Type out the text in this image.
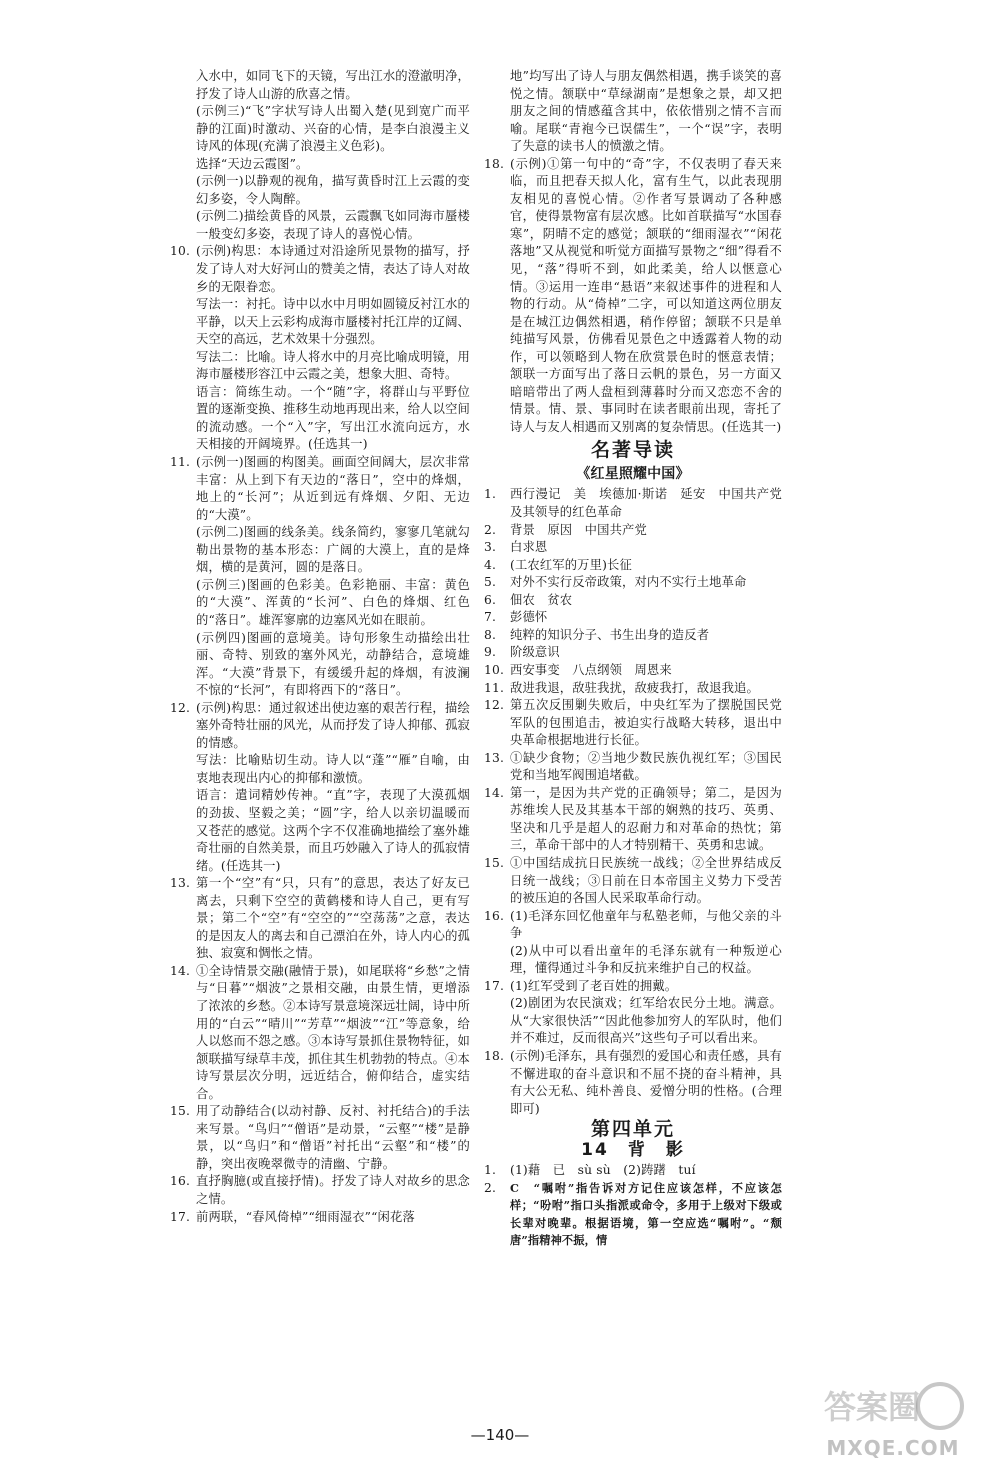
入水中，如同飞下的天镜，写出江水的澄澈明净，抒发了诗人山游的欣喜之情。

(示例三)“飞”字状写诗人出蜀入楚(见到宽广而平静的江面)时激动、兴奋的心情，是李白浪漫主义诗风的体现(充满了浪漫主义色彩)。

选择“天边云霞图”。

(示例一)以静观的视角，描写黄昏时江上云霞的变幻多姿，令人陶醉。

(示例二)描绘黄昏的风景，云霞飘飞如同海市蜃楼一般变幻多姿，表现了诗人的喜悦心情。

10. (示例)构思：本诗通过对沿途所见景物的描写，抒发了诗人对大好河山的赞美之情，表达了诗人对故乡的无限眷恋。

写法一：衬托。诗中以水中月明如圆镜反衬江水的平静，以天上云彩构成海市蜃楼衬托江岸的辽阔、天空的高远，艺术效果十分强烈。

写法二：比喻。诗人将水中的月亮比喻成明镜，用海市蜃楼形容江中云霞之美，想象大胆、奇特。

语言：简练生动。一个“随”字，将群山与平野位置的逐渐变换、推移生动地再现出来，给人以空间的流动感。一个“入”字，写出江水流向远方，水天相接的开阔境界。(任选其一)

11. (示例一)图画的构图美。画面空间阔大，层次非常丰富：从上到下有天边的“落日”，空中的烽烟，地上的“长河”；从近到远有烽烟、夕阳、无边的“大漠”。

(示例二)图画的线条美。线条简约，寥寥几笔就勾勒出景物的基本形态：广阔的大漠上，直的是烽烟，横的是黄河，圆的是落日。

(示例三)图画的色彩美。色彩艳丽、丰富：黄色的“大漠”、浑黄的“长河”、白色的烽烟、红色的“落日”。雄浑寥廓的边塞风光如在眼前。

(示例四)图画的意境美。诗句形象生动描绘出壮丽、奇特、别致的塞外风光，动静结合，意境雄浑。“大漠”背景下，有缓缓升起的烽烟，有波澜不惊的“长河”，有即将西下的“落日”。

12. (示例)构思：通过叙述出使边塞的艰苦行程，描绘塞外奇特壮丽的风光，从而抒发了诗人抑郁、孤寂的情感。

写法：比喻贴切生动。诗人以“蓬”“雁”自喻，由衷地表现出内心的抑郁和激愤。

语言：遣词精妙传神。“直”字，表现了大漠孤烟的劲拔、坚毅之美；“圆”字，给人以亲切温暖而又苍茫的感觉。这两个字不仅准确地描绘了塞外雄奇壮丽的自然美景，而且巧妙融入了诗人的孤寂情绪。(任选其一)

13. 第一个“空”有“只，只有”的意思，表达了好友已离去，只剩下空空的黄鹤楼和诗人自己，更有写景；第二个“空”有“空空的”“空荡荡”之意，表达的是因友人的离去和自己漂泊在外，诗人内心的孤独、寂寞和惆怅之情。

14. ①全诗情景交融(融情于景)，如尾联将“乡愁”之情与“日暮”“烟波”之景相交融，由景生情，更增添了浓浓的乡愁。②本诗写景意境深远壮阔，诗中所用的“白云”“晴川”“芳草”“烟波”“江”等意象，给人以悠而不怨之感。③本诗写景抓住景物特征，如颔联描写绿草丰茂，抓住其生机勃勃的特点。④本诗写景层次分明，远近结合，俯仰结合，虚实结合。

15. 用了动静结合(以动衬静、反衬、衬托结合)的手法来写景。“鸟归”“僧语”是动景，“云壑”“楼”是静景，以“鸟归”和“僧语”衬托出“云壑”和“楼”的静，突出夜晚翠微寺的清幽、宁静。

16. 直抒胸臆(或直接抒情)。抒发了诗人对故乡的思念之情。

17. 前两联，“春风倚棹”“细雨湿衣”“闲花落

地”均写出了诗人与朋友偶然相遇，携手谈笑的喜悦之情。颔联中“草绿湖南”是想象之景，却又把朋友之间的情感蕴含其中，依依惜别之情不言而喻。尾联“青袍今已误儒生”，一个“误”字，表明了失意的读书人的愤激之情。

18. (示例)①第一句中的“奇”字，不仅表明了春天来临，而且把春天拟人化，富有生气，以此表现朋友相见的喜悦心情。②作者写景调动了各种感官，使得景物富有层次感。比如首联描写“水国春寒”，阴晴不定的感觉；颔联的“细雨湿衣”“闲花落地”又从视觉和听觉方面描写景物之“细”得看不见，“落”得听不到，如此柔美，给人以惬意心情。③运用一连串“悬语”来叙述事件的进程和人物的行动。从“倚棹”二字，可以知道这两位朋友是在城江边偶然相遇，稍作停留；颔联不只是单纯描写风景，仿佛看见景色之中透露着人物的动作，可以领略到人物在欣赏景色时的惬意表情；颔联一方面写出了落日云帆的景色，另一方面又暗暗带出了两人盘桓到薄暮时分而又恋恋不舍的情景。情、景、事同时在读者眼前出现，寄托了诗人与友人相遇而又别离的复杂情思。(任选其一)

名著导读
《红星照耀中国》
1. 西行漫记　美　埃德加·斯诺　延安　中国共产党及其领导的红色革命

2. 背景　原因　中国共产党

3. 白求恩

4. (工农红军的万里)长征

5. 对外不实行反帝政策，对内不实行土地革命

6. 佃农　贫农

7. 彭德怀

8. 纯粹的知识分子、书生出身的造反者

9. 阶级意识

10. 西安事变　八点纲领　周恩来

11. 敌进我退，敌驻我扰，敌疲我打，敌退我追。

12. 第五次反围剿失败后，中央红军为了摆脱国民党军队的包围追击，被迫实行战略大转移，退出中央革命根据地进行长征。

13. ①缺少食物；②当地少数民族仇视红军；③国民党和当地军阀围追堵截。

14. 第一，是因为共产党的正确领导；第二，是因为苏维埃人民及其基本干部的娴熟的技巧、英勇、坚决和几乎是超人的忍耐力和对革命的热忱；第三，革命干部中的人才特别精干、英勇和忠诚。

15. ①中国结成抗日民族统一战线；②全世界结成反日统一战线；③日前在日本帝国主义势力下受苦的被压迫的各国人民采取革命行动。

16. (1)毛泽东回忆他童年与私塾老师，与他父亲的斗争

(2)从中可以看出童年的毛泽东就有一种叛逆心理，懂得通过斗争和反抗来维护自己的权益。

17. (1)红军受到了老百姓的拥戴。

(2)剧团为农民演戏；红军给农民分土地。满意。从“大家很快活”“因此他参加穷人的军队时，他们并不难过，反而很高兴”这些句子可以看出来。

18. (示例)毛泽东，具有强烈的爱国心和责任感，具有不懈进取的奋斗意识和不屈不挠的奋斗精神，具有大公无私、纯朴善良、爱憎分明的性格。(合理即可)

第四单元
14　背　影
1. (1)藉　已　sù sù　(2)踌躇　tuí

2. C　“嘱咐”指告诉对方记住应该怎样，不应该怎样；“吩咐”指口头指派或命令，多用于上级对下级或长辈对晚辈。根据语境，第一空应选“嘱咐”。“颓唐”指精神不振，情

—140—
答案圈
MXQE.COM
